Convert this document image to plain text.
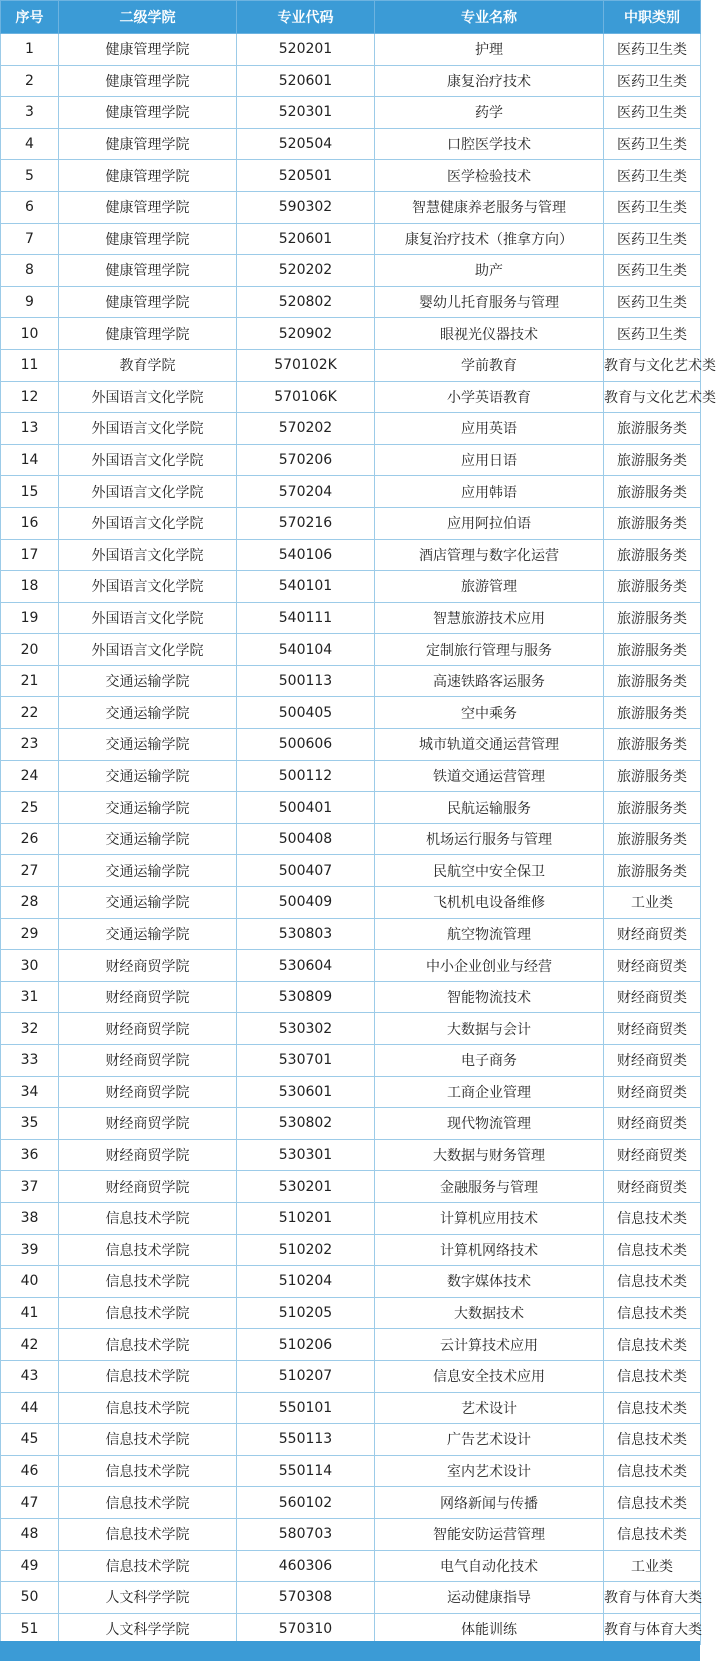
序号	二级学院	专业代码	专业名称	中职类别
1	健康管理学院	520201	护理	医药卫生类
2	健康管理学院	520601	康复治疗技术	医药卫生类
3	健康管理学院	520301	药学	医药卫生类
4	健康管理学院	520504	口腔医学技术	医药卫生类
5	健康管理学院	520501	医学检验技术	医药卫生类
6	健康管理学院	590302	智慧健康养老服务与管理	医药卫生类
7	健康管理学院	520601	康复治疗技术（推拿方向）	医药卫生类
8	健康管理学院	520202	助产	医药卫生类
9	健康管理学院	520802	婴幼儿托育服务与管理	医药卫生类
10	健康管理学院	520902	眼视光仪器技术	医药卫生类
11	教育学院	570102K	学前教育	教育与文化艺术类
12	外国语言文化学院	570106K	小学英语教育	教育与文化艺术类
13	外国语言文化学院	570202	应用英语	旅游服务类
14	外国语言文化学院	570206	应用日语	旅游服务类
15	外国语言文化学院	570204	应用韩语	旅游服务类
16	外国语言文化学院	570216	应用阿拉伯语	旅游服务类
17	外国语言文化学院	540106	酒店管理与数字化运营	旅游服务类
18	外国语言文化学院	540101	旅游管理	旅游服务类
19	外国语言文化学院	540111	智慧旅游技术应用	旅游服务类
20	外国语言文化学院	540104	定制旅行管理与服务	旅游服务类
21	交通运输学院	500113	高速铁路客运服务	旅游服务类
22	交通运输学院	500405	空中乘务	旅游服务类
23	交通运输学院	500606	城市轨道交通运营管理	旅游服务类
24	交通运输学院	500112	铁道交通运营管理	旅游服务类
25	交通运输学院	500401	民航运输服务	旅游服务类
26	交通运输学院	500408	机场运行服务与管理	旅游服务类
27	交通运输学院	500407	民航空中安全保卫	旅游服务类
28	交通运输学院	500409	飞机机电设备维修	工业类
29	交通运输学院	530803	航空物流管理	财经商贸类
30	财经商贸学院	530604	中小企业创业与经营	财经商贸类
31	财经商贸学院	530809	智能物流技术	财经商贸类
32	财经商贸学院	530302	大数据与会计	财经商贸类
33	财经商贸学院	530701	电子商务	财经商贸类
34	财经商贸学院	530601	工商企业管理	财经商贸类
35	财经商贸学院	530802	现代物流管理	财经商贸类
36	财经商贸学院	530301	大数据与财务管理	财经商贸类
37	财经商贸学院	530201	金融服务与管理	财经商贸类
38	信息技术学院	510201	计算机应用技术	信息技术类
39	信息技术学院	510202	计算机网络技术	信息技术类
40	信息技术学院	510204	数字媒体技术	信息技术类
41	信息技术学院	510205	大数据技术	信息技术类
42	信息技术学院	510206	云计算技术应用	信息技术类
43	信息技术学院	510207	信息安全技术应用	信息技术类
44	信息技术学院	550101	艺术设计	信息技术类
45	信息技术学院	550113	广告艺术设计	信息技术类
46	信息技术学院	550114	室内艺术设计	信息技术类
47	信息技术学院	560102	网络新闻与传播	信息技术类
48	信息技术学院	580703	智能安防运营管理	信息技术类
49	信息技术学院	460306	电气自动化技术	工业类
50	人文科学学院	570308	运动健康指导	教育与体育大类
51	人文科学学院	570310	体能训练	教育与体育大类
